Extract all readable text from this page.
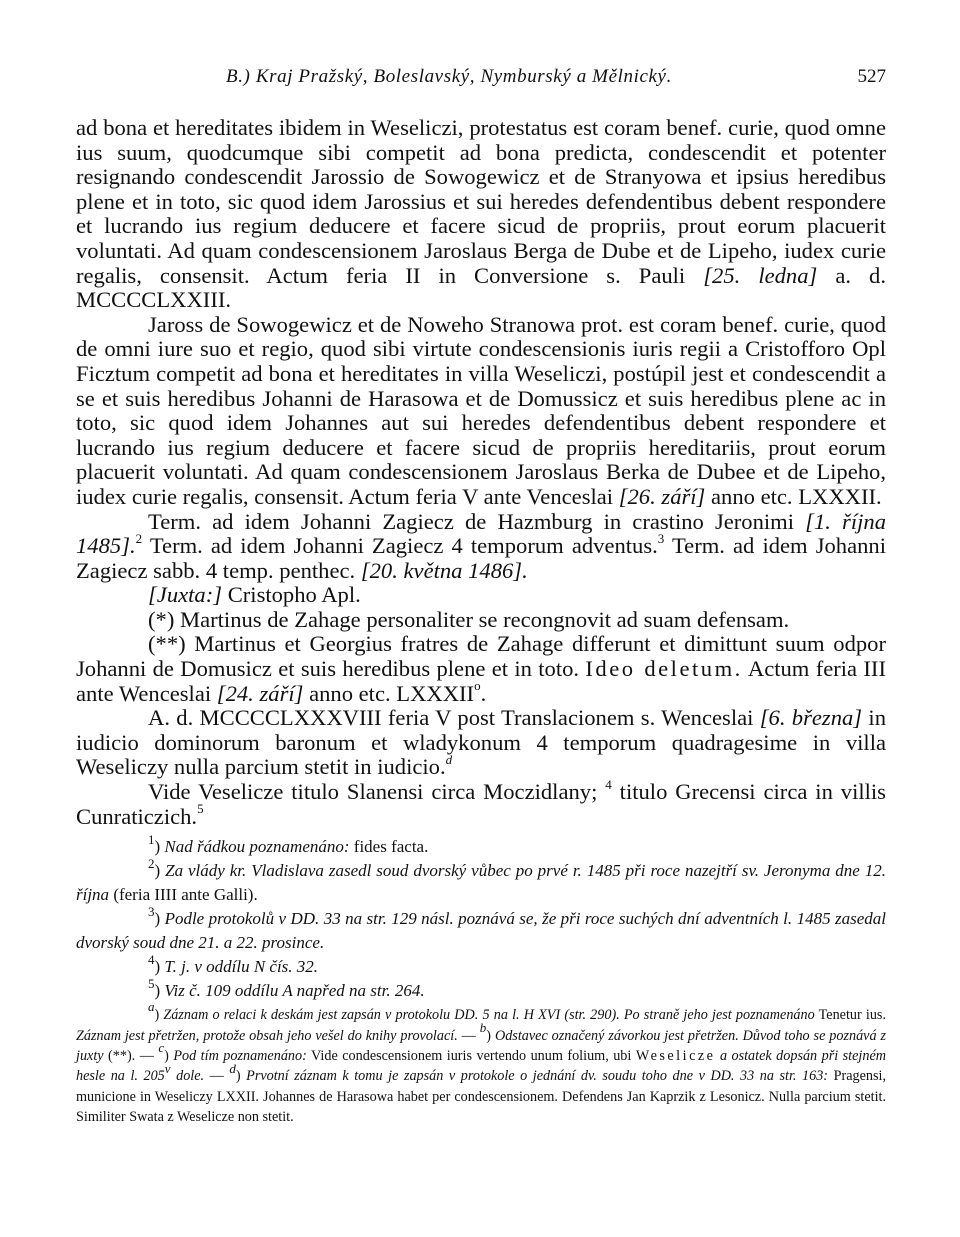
B.) Kraj Pražský, Boleslavský, Nymburský a Mělnický.	527

ad bona et hereditates ibidem in Weseliczi, protestatus est coram benef. curie, quod omne ius suum, quodcumque sibi competit ad bona predicta, condescendit et potenter resignando condescendit Jarossio de Sowogewicz et de Stranyowa et ipsius heredibus plene et in toto, sic quod idem Jarossius et sui heredes defendentibus debent respondere et lucrando ius regium deducere et facere sicud de propriis, prout eorum placuerit voluntati. Ad quam condescensionem Jaroslaus Berga de Dube et de Lipeho, iudex curie regalis, consensit. Actum feria II in Conversione s. Pauli [25. ledna] a. d. MCCCCLXXIII.

Jaross de Sowogewicz et de Noweho Stranowa prot. est coram benef. curie, quod de omni iure suo et regio, quod sibi virtute condescensionis iuris regii a Cristofforo Opl Ficztum competit ad bona et hereditates in villa Weseliczi, postúpil jest et condescendit a se et suis heredibus Johanni de Harasowa et de Domussicz et suis heredibus plene ac in toto, sic quod idem Johannes aut sui heredes defendentibus debent respondere et lucrando ius regium deducere et facere sicud de propriis hereditariis, prout eorum placuerit voluntati. Ad quam condescensionem Jaroslaus Berka de Dubee et de Lipeho, iudex curie regalis, consensit. Actum feria V ante Venceslai [26. září] anno etc. LXXXII.

Term. ad idem Johanni Zagiecz de Hazmburg in crastino Jeronimi [1. října 1485].$^2$ Term. ad idem Johanni Zagiecz 4 temporum adventus.$^3$ Term. ad idem Johanni Zagiecz sabb. 4 temp. penthec. [20. května 1486].

[Juxta:] Cristopho Apl.

(*) Martinus de Zahage personaliter se recongnovit ad suam defensam.

(**) Martinus et Georgius fratres de Zahage differunt et dimittunt suum odpor Johanni de Domusicz et suis heredibus plene et in toto. Ideo deletum. Actum feria III ante Wenceslai [24. září] anno etc. LXXXII$^o$.

A. d. MCCCCLXXXVIII feria V post Translacionem s. Wenceslai [6. března] in iudicio dominorum baronum et wladykonum 4 temporum quadragesime in villa Weseliczy nulla parcium stetit in iudicio.$^d$

Vide Veselicze titulo Slanensi circa Moczidlany; $^4$ titulo Grecensi circa in villis Cunraticzich.$^5$

$^1$) Nad řádkou poznamenáno: fides facta.

$^2$) Za vlády kr. Vladislava zasedl soud dvorský vůbec po prvé r. 1485 při roce nazejtří sv. Jeronyma dne 12. října (feria IIII ante Galli).

$^3$) Podle protokolů v DD. 33 na str. 129 násl. poznává se, že při roce suchých dní adventních l. 1485 zasedal dvorský soud dne 21. a 22. prosince.

$^4$) T. j. v oddílu N čís. 32.

$^5$) Viz č. 109 oddílu A napřed na str. 264.

$^a$) Záznam o relaci k deskám jest zapsán v protokolu DD. 5 na l. H XVI (str. 290). Po straně jeho jest poznamenáno Tenetur ius. Záznam jest přetržen, protože obsah jeho vešel do knihy provolací. — $^b$) Odstavec označený závorkou jest přetržen. Důvod toho se poznává z juxty (**). — $^c$) Pod tím poznamenáno: Vide condescensionem iuris vertendo unum folium, ubi Weselicze a ostatek dopsán při stejném hesle na l. 205$^v$ dole. — $^d$) Prvotní záznam k tomu je zapsán v protokole o jednání dv. soudu toho dne v DD. 33 na str. 163: Pragensi, municione in Weseliczy LXXII. Johannes de Harasowa habet per condescensionem. Defendens Jan Kaprzik z Lesonicz. Nulla parcium stetit. Similiter Swata z Weselicze non stetit.
